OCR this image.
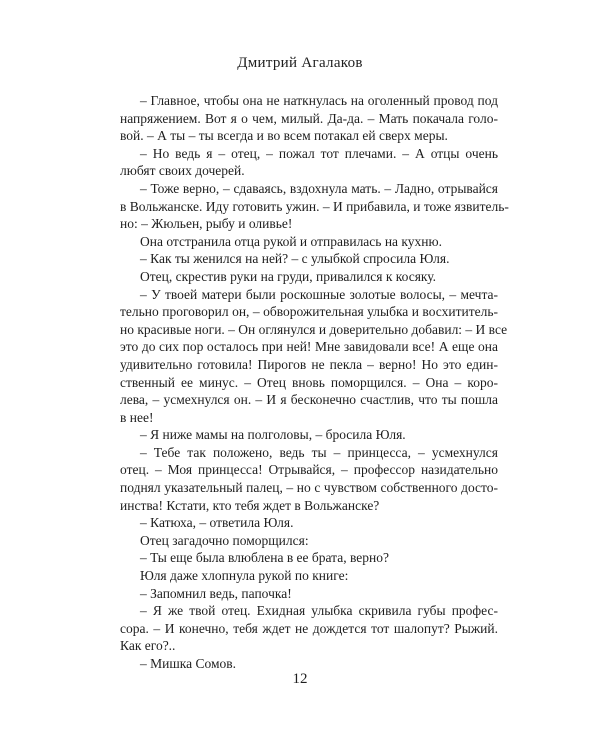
Дмитрий Агалаков
– Главное, чтобы она не наткнулась на оголенный провод под
напряжением. Вот я о чем, милый. Да-да. – Мать покачала голо-
вой. – А ты – ты всегда и во всем потакал ей сверх меры.
– Но ведь я – отец, – пожал тот плечами. – А отцы очень
любят своих дочерей.
– Тоже верно, – сдаваясь, вздохнула мать. – Ладно, отрывайся
в Вольжанске. Иду готовить ужин. – И прибавила, и тоже язвитель-
но: – Жюльен, рыбу и оливье!
Она отстранила отца рукой и отправилась на кухню.
– Как ты женился на ней? – с улыбкой спросила Юля.
Отец, скрестив руки на груди, привалился к косяку.
– У твоей матери были роскошные золотые волосы, – мечта-
тельно проговорил он, – обворожительная улыбка и восхититель-
но красивые ноги. – Он оглянулся и доверительно добавил: – И все
это до сих пор осталось при ней! Мне завидовали все! А еще она
удивительно готовила! Пирогов не пекла – верно! Но это един-
ственный ее минус. – Отец вновь поморщился. – Она – коро-
лева, – усмехнулся он. – И я бесконечно счастлив, что ты пошла
в нее!
– Я ниже мамы на полголовы, – бросила Юля.
– Тебе так положено, ведь ты – принцесса, – усмехнулся
отец. – Моя принцесса! Отрывайся, – профессор назидательно
поднял указательный палец, – но с чувством собственного досто-
инства! Кстати, кто тебя ждет в Вольжанске?
– Катюха, – ответила Юля.
Отец загадочно поморщился:
– Ты еще была влюблена в ее брата, верно?
Юля даже хлопнула рукой по книге:
– Запомнил ведь, папочка!
– Я же твой отец. Ехидная улыбка скривила губы профес-
сора. – И конечно, тебя ждет не дождется тот шалопут? Рыжий.
Как его?..
– Мишка Сомов.
12
